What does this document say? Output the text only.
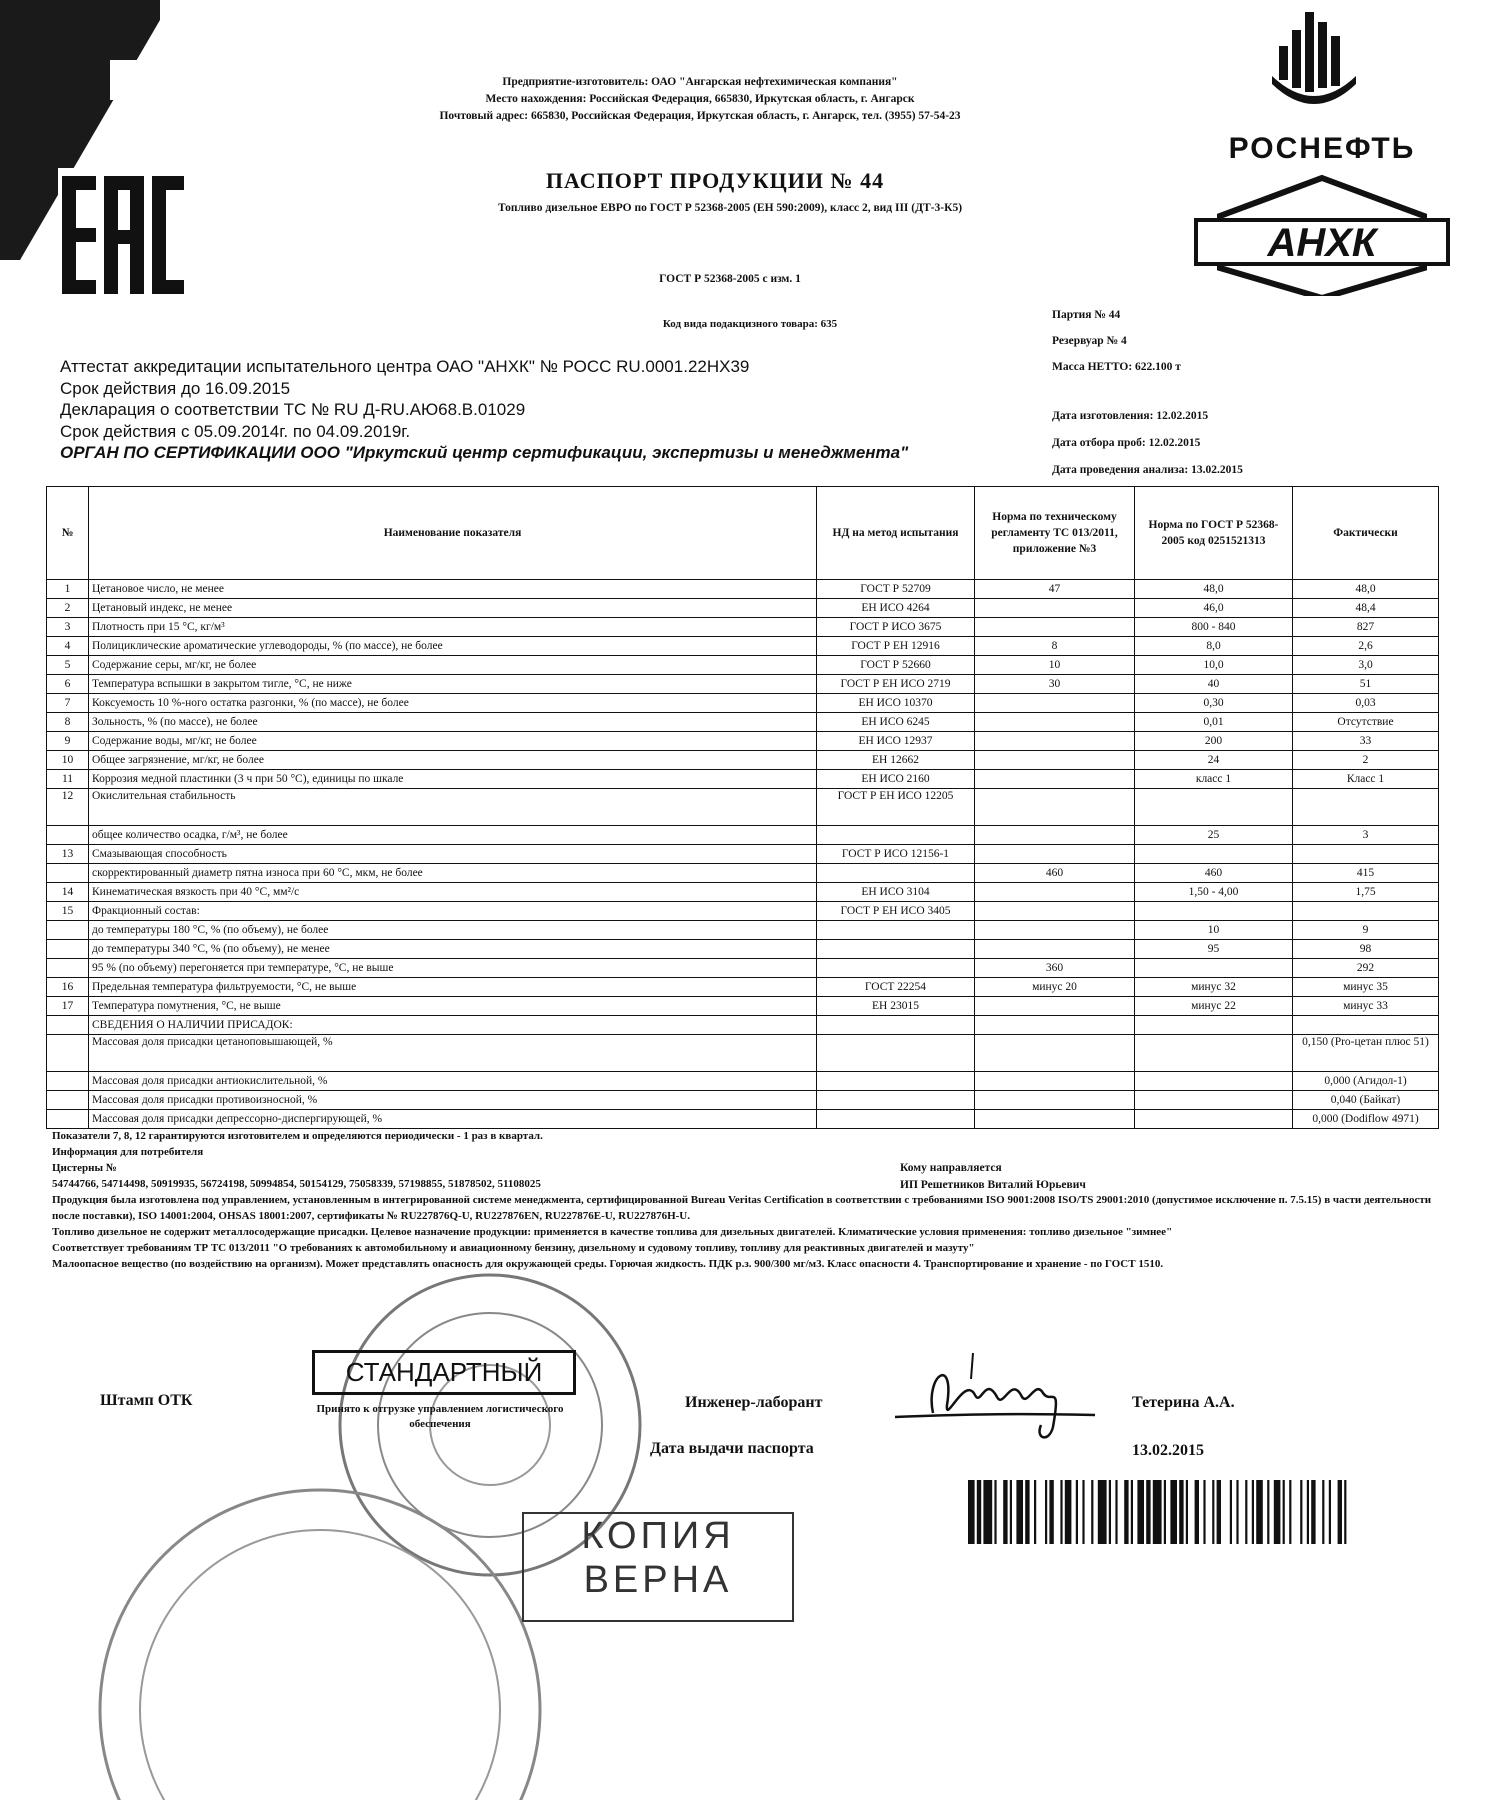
Предприятие-изготовитель: ОАО "Ангарская нефтехимическая компания"
Место нахождения: Российская Федерация, 665830, Иркутская область, г. Ангарск
Почтовый адрес: 665830, Российская Федерация, Иркутская область, г. Ангарск, тел. (3955) 57-54-23
ПАСПОРТ ПРОДУКЦИИ № 44
Топливо дизельное ЕВРО по ГОСТ Р 52368-2005 (ЕН 590:2009), класс 2, вид III (ДТ-3-К5)
ГОСТ Р 52368-2005 с изм. 1
Код вида подакцизного товара: 635
РОСНЕФТЬ
АНХК
Партия № 44
Резервуар № 4
Масса НЕТТО: 622.100 т
Дата изготовления: 12.02.2015
Дата отбора проб: 12.02.2015
Дата проведения анализа: 13.02.2015
Аттестат аккредитации испытательного центра ОАО "АНХК" № РОСС RU.0001.22НХ39
Срок действия до 16.09.2015
Декларация о соответствии ТС № RU Д-RU.АЮ68.В.01029
Срок действия с 05.09.2014г. по 04.09.2019г.
ОРГАН ПО СЕРТИФИКАЦИИ ООО "Иркутский центр сертификации, экспертизы и менеджмента"
№	Наименование показателя	НД на метод испытания	Норма по техническому регламенту ТС 013/2011, приложение №3	Норма по ГОСТ Р 52368-2005 код 0251521313	Фактически
1	Цетановое число, не менее	ГОСТ Р 52709	47	48,0	48,0
2	Цетановый индекс, не менее	ЕН ИСО 4264		46,0	48,4
3	Плотность при 15 °С, кг/м³	ГОСТ Р ИСО 3675		800 - 840	827
4	Полициклические ароматические углеводороды, % (по массе), не более	ГОСТ Р ЕН 12916	8	8,0	2,6
5	Содержание серы, мг/кг, не более	ГОСТ Р 52660	10	10,0	3,0
6	Температура вспышки в закрытом тигле, °С, не ниже	ГОСТ Р ЕН ИСО 2719	30	40	51
7	Коксуемость 10 %-ного остатка разгонки, % (по массе), не более	ЕН ИСО 10370		0,30	0,03
8	Зольность, % (по массе), не более	ЕН ИСО 6245		0,01	Отсутствие
9	Содержание воды, мг/кг, не более	ЕН ИСО 12937		200	33
10	Общее загрязнение, мг/кг, не более	ЕН 12662		24	2
11	Коррозия медной пластинки (3 ч при 50 °С), единицы по шкале	ЕН ИСО 2160		класс 1	Класс 1
12	Окислительная стабильность	ГОСТ Р ЕН ИСО 12205			
	общее количество осадка, г/м³, не более			25	3
13	Смазывающая способность	ГОСТ Р ИСО 12156-1			
	скорректированный диаметр пятна износа при 60 °С, мкм, не более		460	460	415
14	Кинематическая вязкость при 40 °С, мм²/с	ЕН ИСО 3104		1,50 - 4,00	1,75
15	Фракционный состав:	ГОСТ Р ЕН ИСО 3405			
	до температуры 180 °С, % (по объему), не более			10	9
	до температуры 340 °С, % (по объему), не менее			95	98
	95 % (по объему) перегоняется при температуре, °С, не выше		360		292
16	Предельная температура фильтруемости, °С, не выше	ГОСТ 22254	минус 20	минус 32	минус 35
17	Температура помутнения, °С, не выше	ЕН 23015		минус 22	минус 33
	СВЕДЕНИЯ О НАЛИЧИИ ПРИСАДОК:				
	Массовая доля присадки цетаноповышающей, %				0,150 (Pro-цетан плюс 51)
	Массовая доля присадки антиокислительной, %				0,000 (Агидол-1)
	Массовая доля присадки противоизносной, %				0,040 (Байкат)
	Массовая доля присадки депрессорно-диспергирующей, %				0,000 (Dodiflow 4971)

Показатели 7, 8, 12 гарантируются изготовителем и определяются периодически - 1 раз в квартал.

Информация для потребителя

Цистерны №

54744766, 54714498, 50919935, 56724198, 50994854, 50154129, 75058339, 57198855, 51878502, 51108025

Продукция была изготовлена под управлением, установленным в интегрированной системе менеджмента, сертифицированной Bureau Veritas Certification в соответствии с требованиями ISO 9001:2008 ISO/TS 29001:2010 (допустимое исключение п. 7.5.15) в части деятельности после поставки), ISO 14001:2004, OHSAS 18001:2007, сертификаты № RU227876Q-U, RU227876EN, RU227876E-U, RU227876H-U.

Топливо дизельное не содержит металлосодержащие присадки. Целевое назначение продукции: применяется в качестве топлива для дизельных двигателей. Климатические условия применения: топливо дизельное "зимнее"

Соответствует требованиям ТР ТС 013/2011 "О требованиях к автомобильному и авиационному бензину, дизельному и судовому топливу, топливу для реактивных двигателей и мазуту"

Малоопасное вещество (по воздействию на организм). Может представлять опасность для окружающей среды. Горючая жидкость. ПДК р.з. 900/300 мг/м3. Класс опасности 4. Транспортирование и хранение - по ГОСТ 1510.

Кому направляется
ИП Решетников Виталий Юрьевич
Штамп ОТК
СТАНДАРТНЫЙ
Принято к отгрузке управлением логистического обеспечения
Инженер-лаборант	Тетерина А.А.
Дата выдачи паспорта	13.02.2015
КОПИЯ
ВЕРНА
